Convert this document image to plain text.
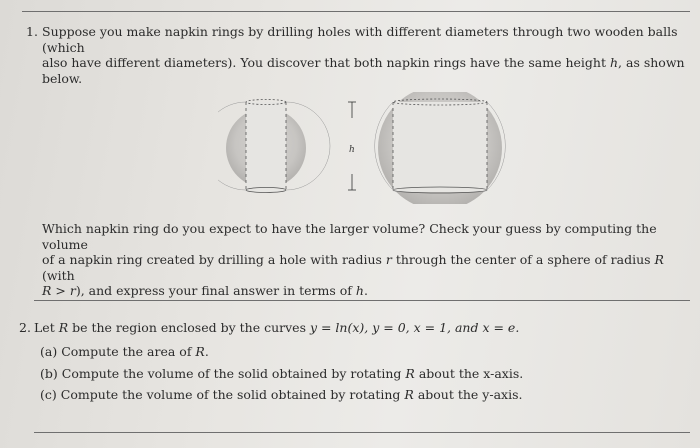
1. Suppose you make napkin rings by drilling holes with different diameters through two wooden balls (which
also have different diameters). You discover that both napkin rings have the same height h, as shown
below.
h
Which napkin ring do you expect to have the larger volume? Check your guess by computing the volume
of a napkin ring created by drilling a hole with radius r through the center of a sphere of radius R (with
R > r), and express your final answer in terms of h.
2. Let R be the region enclosed by the curves y = ln(x), y = 0, x = 1, and x = e.
(a) Compute the area of R.
(b) Compute the volume of the solid obtained by rotating R about the x-axis.
(c) Compute the volume of the solid obtained by rotating R about the y-axis.
